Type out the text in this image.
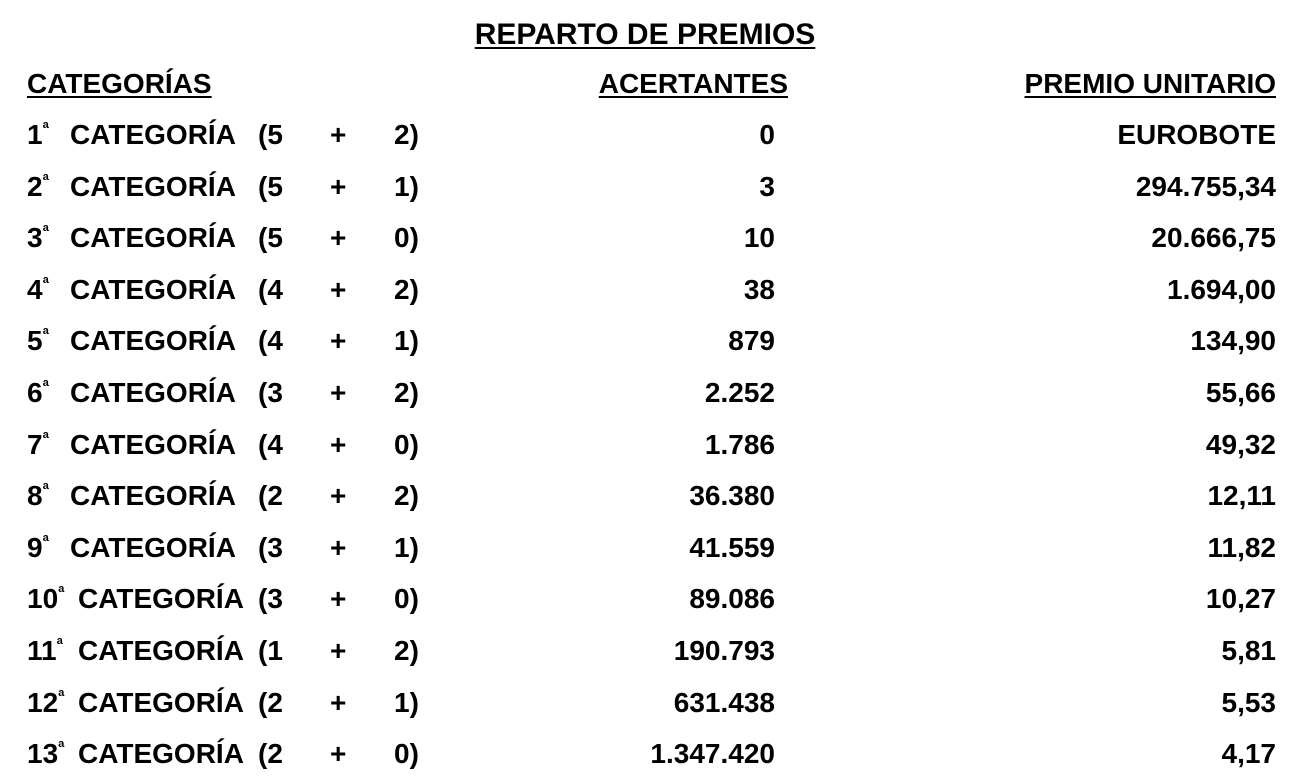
REPARTO DE PREMIOS
CATEGORÍAS	ACERTANTES	PREMIO UNITARIO
$1^ª$ CATEGORÍA (5 + 2)	0	EUROBOTE
$2^ª$ CATEGORÍA (5 + 1)	3	294.755,34
$3^ª$ CATEGORÍA (5 + 0)	10	20.666,75
$4^ª$ CATEGORÍA (4 + 2)	38	1.694,00
$5^ª$ CATEGORÍA (4 + 1)	879	134,90
$6^ª$ CATEGORÍA (3 + 2)	2.252	55,66
$7^ª$ CATEGORÍA (4 + 0)	1.786	49,32
$8^ª$ CATEGORÍA (2 + 2)	36.380	12,11
$9^ª$ CATEGORÍA (3 + 1)	41.559	11,82
$10^ª$ CATEGORÍA (3 + 0)	89.086	10,27
$11^ª$ CATEGORÍA (1 + 2)	190.793	5,81
$12^ª$ CATEGORÍA (2 + 1)	631.438	5,53
$13^ª$ CATEGORÍA (2 + 0)	1.347.420	4,17
